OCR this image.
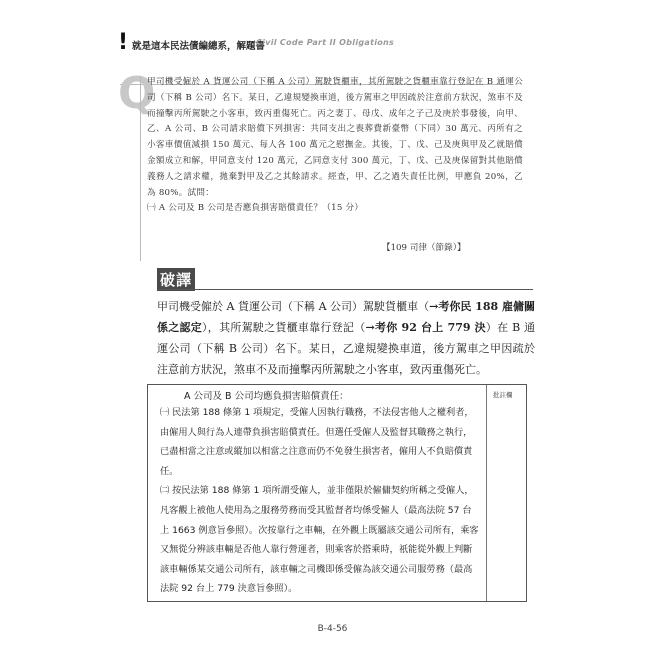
! 就是這本民法債編總系，解題書
Civil Code Part II Obligations
Q

甲司機受僱於 A 貨運公司（下稱 A 公司）駕駛貨櫃車，其所駕駛之貨櫃車靠行登記在 B 通運公司（下稱 B 公司）名下。某日，乙違規變換車道，後方駕車之甲因疏於注意前方狀況，煞車不及而撞擊丙所駕駛之小客車，致丙重傷死亡。丙之妻丁、母戊、成年之子己及庚於事發後，向甲、乙、A 公司、B 公司請求賠償下列損害：共同支出之喪葬費新臺幣（下同）30 萬元、丙所有之小客車價值減損 150 萬元、每人各 100 萬元之慰撫金。其後，丁、戊、己及庚與甲及乙就賠償金額成立和解，甲同意支付 120 萬元，乙同意支付 300 萬元，丁、戊、己及庚保留對其他賠償義務人之請求權，拋棄對甲及乙之其餘請求。經查，甲、乙之過失責任比例，甲應負 20%，乙為 80%。試問：

㈠ A 公司及 B 公司是否應負損害賠償責任？（15 分）

【109 司律（節錄）】
破譯
甲司機受僱於 A 貨運公司（下稱 A 公司）駕駛貨櫃車（→考你民 188 雇傭關係之認定），其所駕駛之貨櫃車靠行登記（→考你 92 台上 779 決）在 B 通運公司（下稱 B 公司）名下。某日，乙違規變換車道，後方駕車之甲因疏於注意前方狀況，煞車不及而撞擊丙所駕駛之小客車，致丙重傷死亡。
A 公司及 B 公司均應負損害賠償責任：

㈠ 民法第 188 條第 1 項規定，受僱人因執行職務，不法侵害他人之權利者，由僱用人與行為人連帶負損害賠償責任。但選任受僱人及監督其職務之執行，已盡相當之注意或縱加以相當之注意而仍不免發生損害者，僱用人不負賠償責任。

㈡ 按民法第 188 條第 1 項所謂受僱人，並非僅限於僱傭契約所稱之受僱人，凡客觀上被他人使用為之服務勞務而受其監督者均係受僱人（最高法院 57 台上 1663 例意旨參照）。次按靠行之車輛，在外觀上既屬該交通公司所有，乘客又無從分辨該車輛是否他人靠行營運者，則乘客於搭乘時，祇能從外觀上判斷該車輛係某交通公司所有，該車輛之司機即係受僱為該交通公司服勞務（最高法院 92 台上 779 決意旨參照）。

批註欄
B-4-56
